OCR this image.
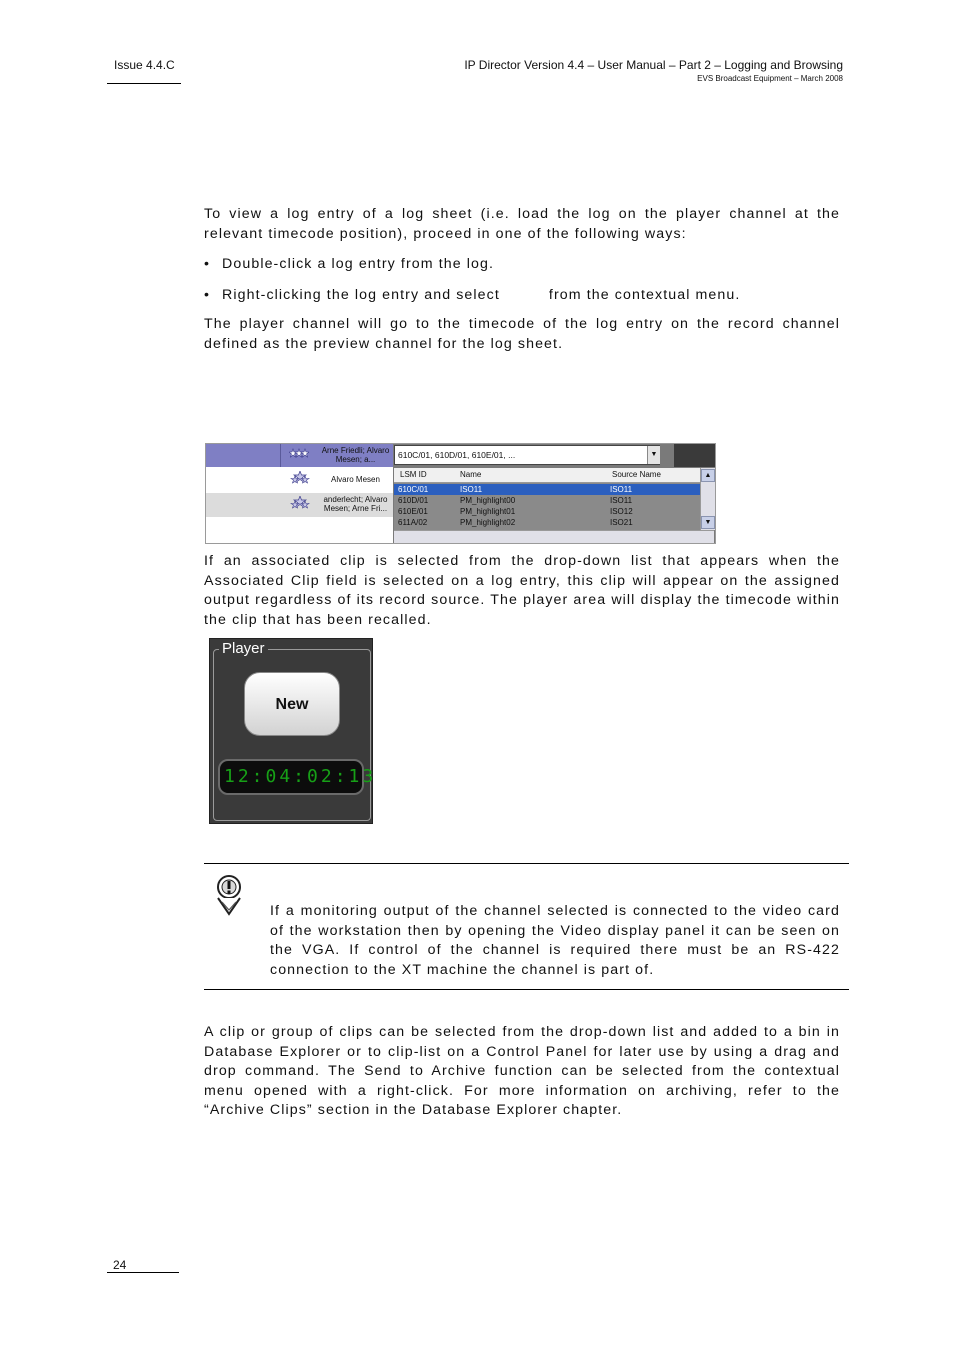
Issue 4.4.C	IP Director Version 4.4 – User Manual – Part 2 – Logging and Browsing
EVS Broadcast Equipment – March 2008
To view a log entry of a log sheet (i.e. load the log on the player channel at the relevant timecode position), proceed in one of the following ways:
• Double-click a log entry from the log.
• Right-clicking the log entry and select	from the contextual menu.
The player channel will go to the timecode of the log entry on the record channel defined as the preview channel for the log sheet.
Arne Friedli; Alvaro Mesen; a...
Alvaro Mesen
anderlecht; Alvaro Mesen; Arne Fri...
610C/01, 610D/01, 610E/01, ...	▼
LSM ID	Name	Source Name
610C/01	ISO11	ISO11
610D/01	PM_highlight00	ISO11
610E/01	PM_highlight01	ISO12
611A/02	PM_highlight02	ISO21
▲
▼
If an associated clip is selected from the drop-down list that appears when the Associated Clip field is selected on a log entry, this clip will appear on the assigned output regardless of its record source. The player area will display the timecode within the clip that has been recalled.
Player
New
12:04:02:13
If a monitoring output of the channel selected is connected to the video card of the workstation then by opening the Video display panel it can be seen on the VGA. If control of the channel is required there must be an RS-422 connection to the XT machine the channel is part of.
A clip or group of clips can be selected from the drop-down list and added to a bin in Database Explorer or to clip-list on a Control Panel for later use by using a drag and drop command. The Send to Archive function can be selected from the contextual menu opened with a right-click. For more information on archiving, refer to the “Archive Clips” section in the Database Explorer chapter.
24
